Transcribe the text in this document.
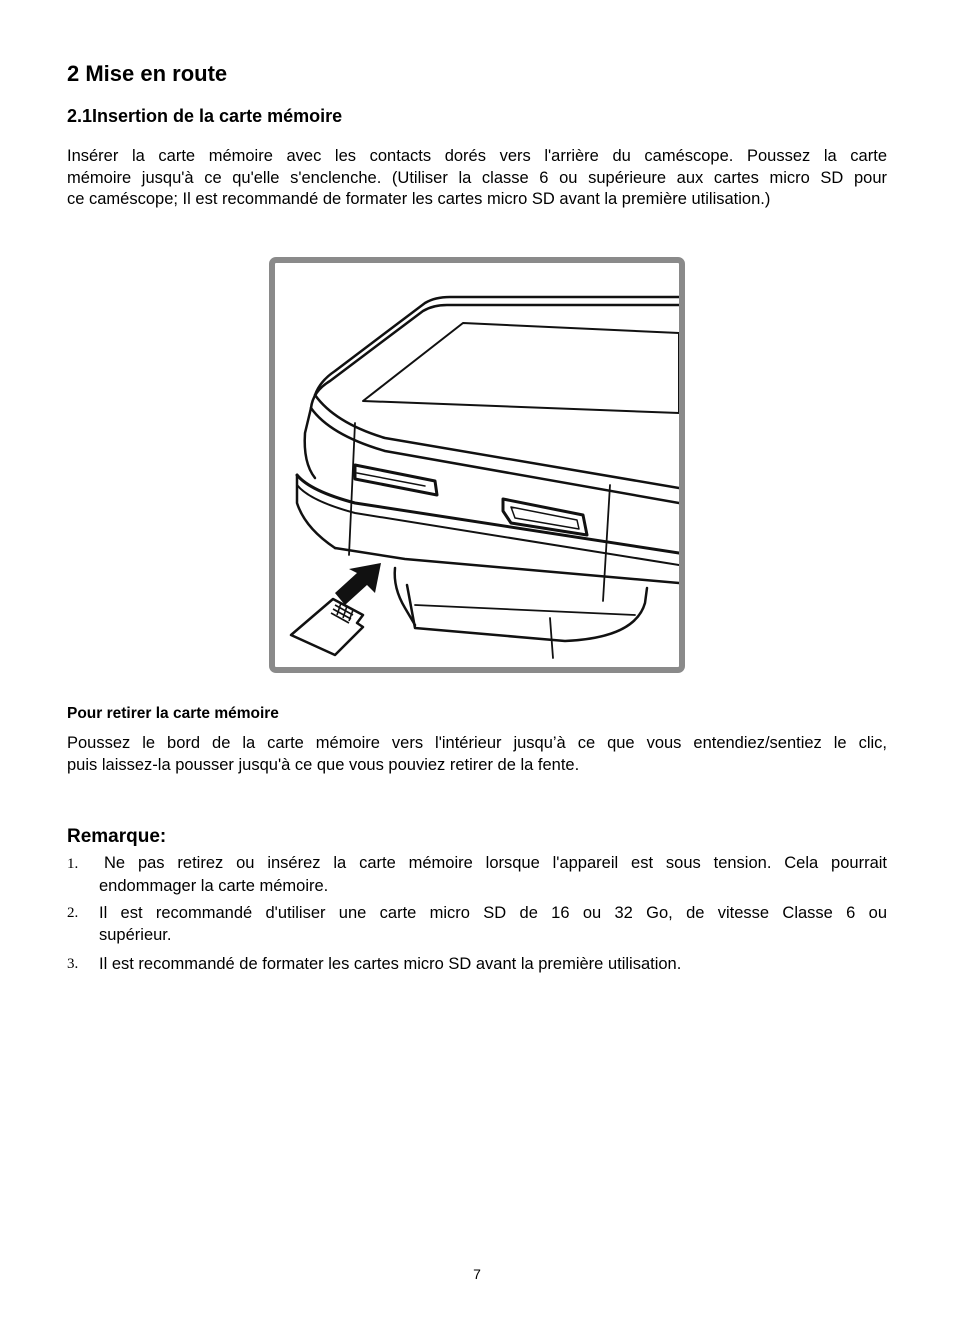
2 Mise en route
2.1Insertion de la carte mémoire
Insérer la carte mémoire avec les contacts dorés vers l'arrière du caméscope. Poussez la carte
mémoire jusqu'à ce qu'elle s'enclenche. (Utiliser la classe 6 ou supérieure aux cartes micro SD pour
ce caméscope; Il est recommandé de formater les cartes micro SD avant la première utilisation.)
Pour retirer la carte mémoire
Poussez le bord de la carte mémoire vers l'intérieur jusqu’à ce que vous entendiez/sentiez le clic,
puis laissez-la pousser jusqu'à ce que vous pouviez retirer de la fente.
Remarque:
1. Ne pas retirez ou insérez la carte mémoire lorsque l'appareil est sous tension. Cela pourrait
endommager la carte mémoire.
2.	Il est recommandé d'utiliser une carte micro SD de 16 ou 32 Go, de vitesse Classe 6 ou
supérieur.
3.	Il est recommandé de formater les cartes micro SD avant la première utilisation.
7
